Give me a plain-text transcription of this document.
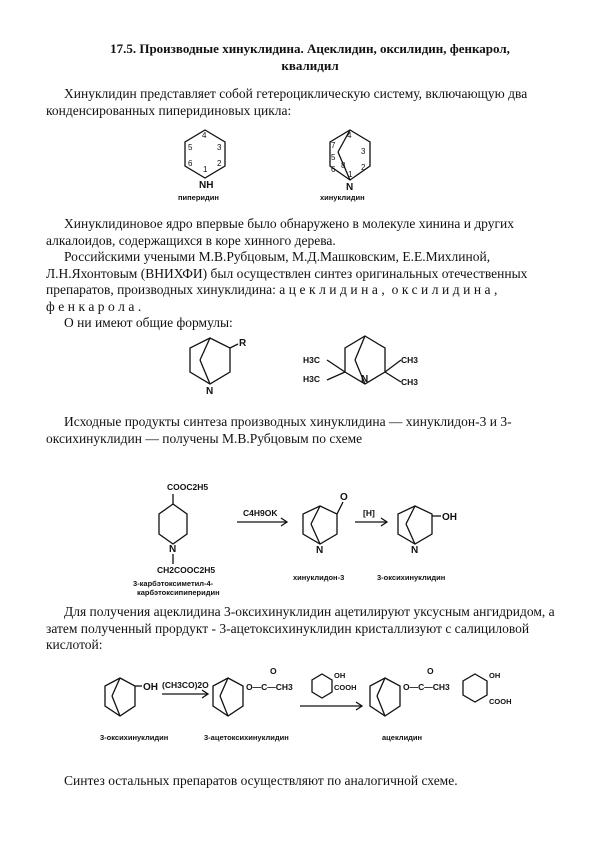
17.5. Производные хинуклидина. Ацеклидин, оксилидин, фенкарол,
квалидил

Хинуклидин представляет собой гетероциклическую систему, включающую два конденсированных пиперидиновых цикла:

4
5	3
6	2
1
NH
пиперидин
4
7
5
3
6	2
8
1
N
хинуклидин

Хинуклидиновое ядро впервые было обнаружено в молекуле хинина и других алкалоидов, содержащихся в коре хинного дерева.

Российскими учеными М.В.Рубцовым, М.Д.Машковским, Е.Е.Михлиной, Л.Н.Яхонтовым (ВНИХФИ) был осуществлен синтез оригинальных отечественных препаратов, производных хинуклидина: ацеклидина, оксилидина, фенкарола.

О ни имеют общие формулы:

R
N
H3C
H3C
CH3
CH3
N

Исходные продукты синтеза производных хинуклидина — хинуклидон-3 и 3-оксихинуклидин — получены М.В.Рубцовым по схеме

COOC2H5
N
CH2COOC2H5
3-карбэтоксиметил-4-
карбэтоксипиперидин
C4H9OK
O
N
хинуклидон-3
[H]	OH
N
3-оксихинуклидин

Для получения ацеклидина 3-оксихинуклидин ацетилируют уксусным ангидридом, а затем полученный прордукт - 3-ацетоксихинуклидин кристаллизуют с салициловой кислотой:

OH
3-оксихинуклидин
(CH3CO)2O	O—C—CH3
O
3-ацетоксихинуклидин
OH
COOH	O—C—CH3
O	OH
COOH
ацеклидин

Синтез остальных препаратов осуществляют по аналогичной схеме.
